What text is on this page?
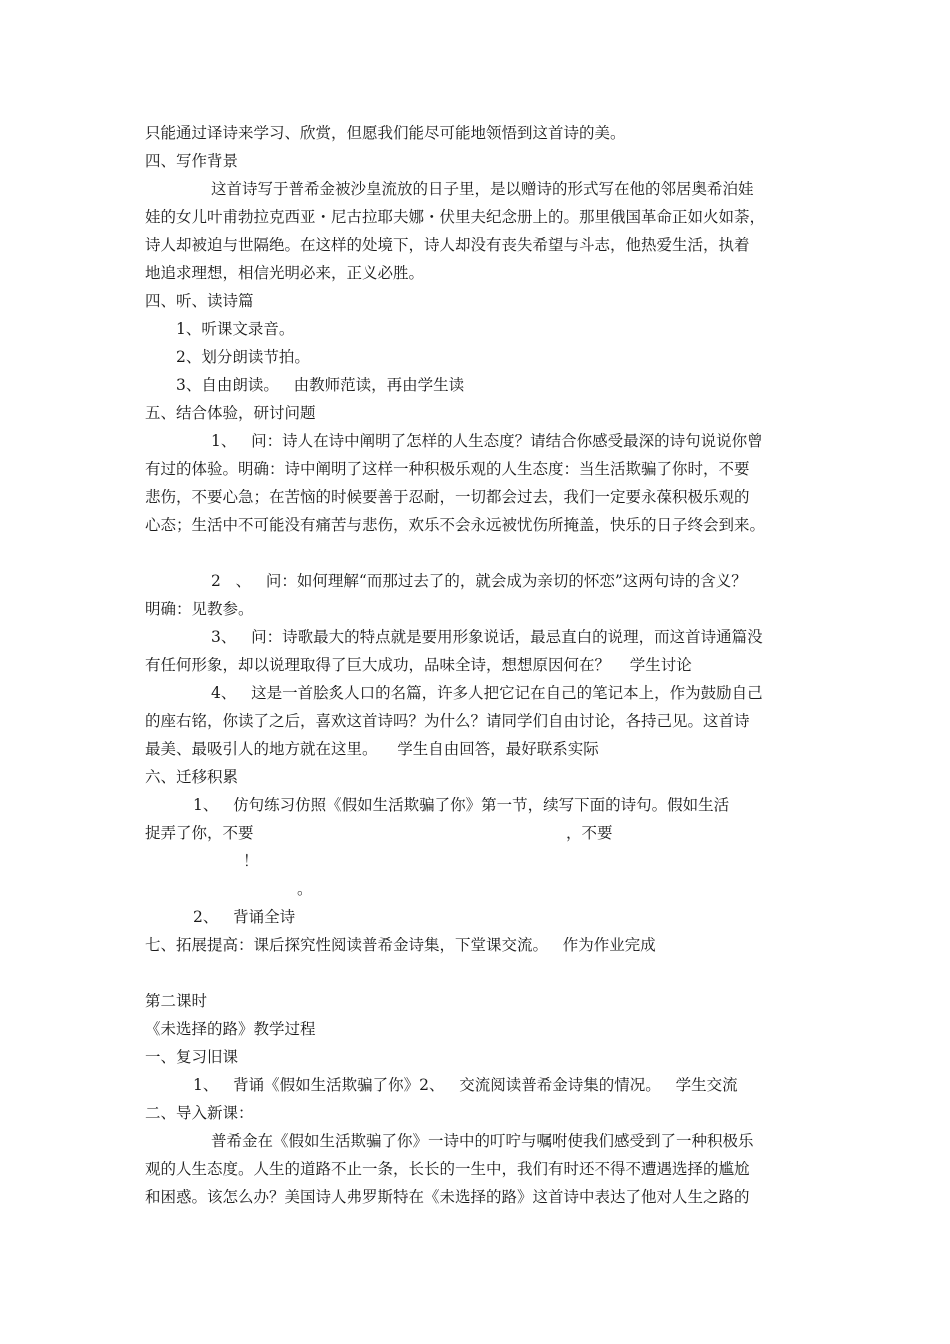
只能通过译诗来学习、欣赏，但愿我们能尽可能地领悟到这首诗的美。
四、写作背景
这首诗写于普希金被沙皇流放的日子里，是以赠诗的形式写在他的邻居奥希泊娃
娃的女儿叶甫勃拉克西亚・尼古拉耶夫娜・伏里夫纪念册上的。那里俄国革命正如火如荼，
诗人却被迫与世隔绝。在这样的处境下，诗人却没有丧失希望与斗志，他热爱生活，执着
地追求理想，相信光明必来，正义必胜。
四、听、读诗篇
1、听课文录音。
2、划分朗读节拍。
3、自由朗读。   由教师范读，再由学生读
五、结合体验，研讨问题
1、   问：诗人在诗中阐明了怎样的人生态度？请结合你感受最深的诗句说说你曾
有过的体验。明确：诗中阐明了这样一种积极乐观的人生态度：当生活欺骗了你时，不要
悲伤，不要心急；在苦恼的时候要善于忍耐，一切都会过去，我们一定要永葆积极乐观的
心态；生活中不可能没有痛苦与悲伤，欢乐不会永远被忧伤所掩盖，快乐的日子终会到来。
2   、   问：如何理解“而那过去了的，就会成为亲切的怀恋”这两句诗的含义？
明确：见教参。
3、   问：诗歌最大的特点就是要用形象说话，最忌直白的说理，而这首诗通篇没
有任何形象，却以说理取得了巨大成功，品味全诗，想想原因何在？    学生讨论
4、   这是一首脍炙人口的名篇，许多人把它记在自己的笔记本上，作为鼓励自己
的座右铭，你读了之后，喜欢这首诗吗？为什么？请同学们自由讨论，各持己见。这首诗
最美、最吸引人的地方就在这里。    学生自由回答，最好联系实际
六、迁移积累
1、   仿句练习仿照《假如生活欺骗了你》第一节，续写下面的诗句。假如生活
捉弄了你，不要	，不要
！
。
2、   背诵全诗
七、拓展提高：课后探究性阅读普希金诗集，下堂课交流。   作为作业完成
第二课时
《未选择的路》教学过程
一、复习旧课
1、   背诵《假如生活欺骗了你》2、   交流阅读普希金诗集的情况。   学生交流
二、导入新课：
普希金在《假如生活欺骗了你》一诗中的叮咛与嘱咐使我们感受到了一种积极乐
观的人生态度。人生的道路不止一条，长长的一生中，我们有时还不得不遭遇选择的尴尬
和困惑。该怎么办？美国诗人弗罗斯特在《未选择的路》这首诗中表达了他对人生之路的
